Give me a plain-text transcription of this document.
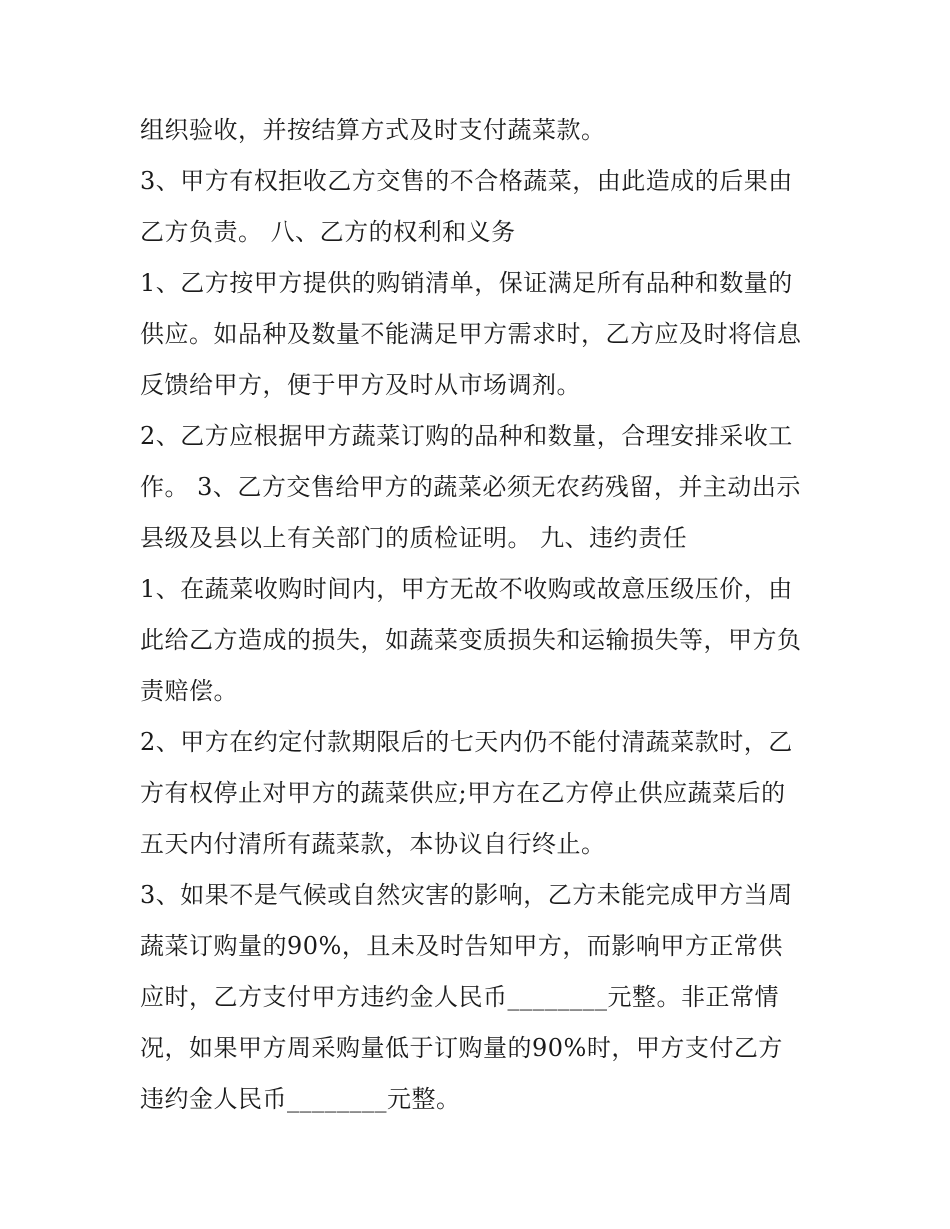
组织验收，并按结算方式及时支付蔬菜款。
3、甲方有权拒收乙方交售的不合格蔬菜，由此造成的后果由
乙方负责。 八、乙方的权利和义务
1、乙方按甲方提供的购销清单，保证满足所有品种和数量的
供应。如品种及数量不能满足甲方需求时，乙方应及时将信息
反馈给甲方，便于甲方及时从市场调剂。
2、乙方应根据甲方蔬菜订购的品种和数量，合理安排采收工
作。 3、乙方交售给甲方的蔬菜必须无农药残留，并主动出示
县级及县以上有关部门的质检证明。 九、违约责任
1、在蔬菜收购时间内，甲方无故不收购或故意压级压价，由
此给乙方造成的损失，如蔬菜变质损失和运输损失等，甲方负
责赔偿。
2、甲方在约定付款期限后的七天内仍不能付清蔬菜款时，乙
方有权停止对甲方的蔬菜供应;甲方在乙方停止供应蔬菜后的
五天内付清所有蔬菜款，本协议自行终止。
3、如果不是气候或自然灾害的影响，乙方未能完成甲方当周
蔬菜订购量的90%，且未及时告知甲方，而影响甲方正常供
应时，乙方支付甲方违约金人民币________元整。非正常情
况，如果甲方周采购量低于订购量的90%时，甲方支付乙方
违约金人民币________元整。
